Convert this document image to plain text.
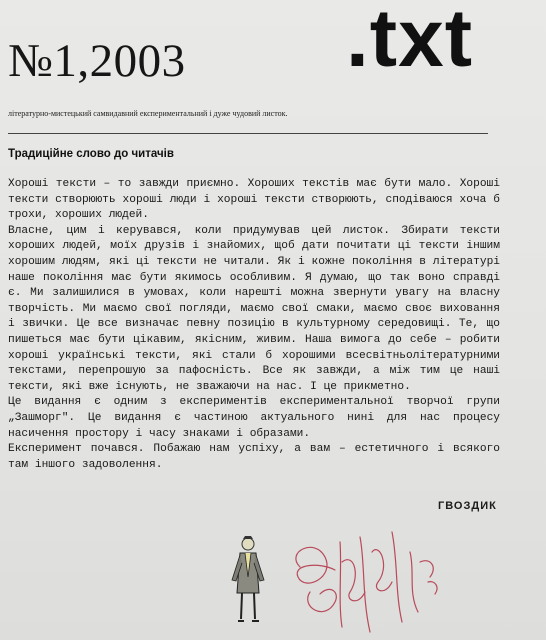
№1,2003 .txt
літературно-мистецький самвидавний експериментальний і дуже чудовий листок.
Традиційне слово до читачів

Хороші тексти – то завжди приємно. Хороших текстів має бути мало. Хороші тексти створюють хороші люди і хороші тексти створюють, сподіваюся хоча б трохи, хороших людей.

Власне, цим і керувався, коли придумував цей листок. Збирати тексти хороших людей, моїх друзів і знайомих, щоб дати почитати ці тексти іншим хорошим людям, які ці тексти не читали. Як і кожне покоління в літературі наше покоління має бути якимось особливим. Я думаю, що так воно справді є. Ми залишилися в умовах, коли нарешті можна звернути увагу на власну творчість. Ми маємо свої погляди, маємо свої смаки, маємо своє виховання і звички. Це все визначає певну позицію в культурному середовищі. Те, що пишеться має бути цікавим, якісним, живим. Наша вимога до себе – робити хороші українські тексти, які стали б хорошими всесвітньолітературними текстами, перепрошую за пафосність. Все як завжди, а між тим це наші тексти, які вже існують, не зважаючи на нас. І це прикметно.

Це видання є одним з експериментів експериментальної творчої групи „Зашморг". Це видання є частиною актуального нині для нас процесу насичення простору і часу знаками і образами.

Експеримент почався. Побажаю нам успіху, а вам – естетичного і всякого там іншого задоволення.

ГВОЗДИК
